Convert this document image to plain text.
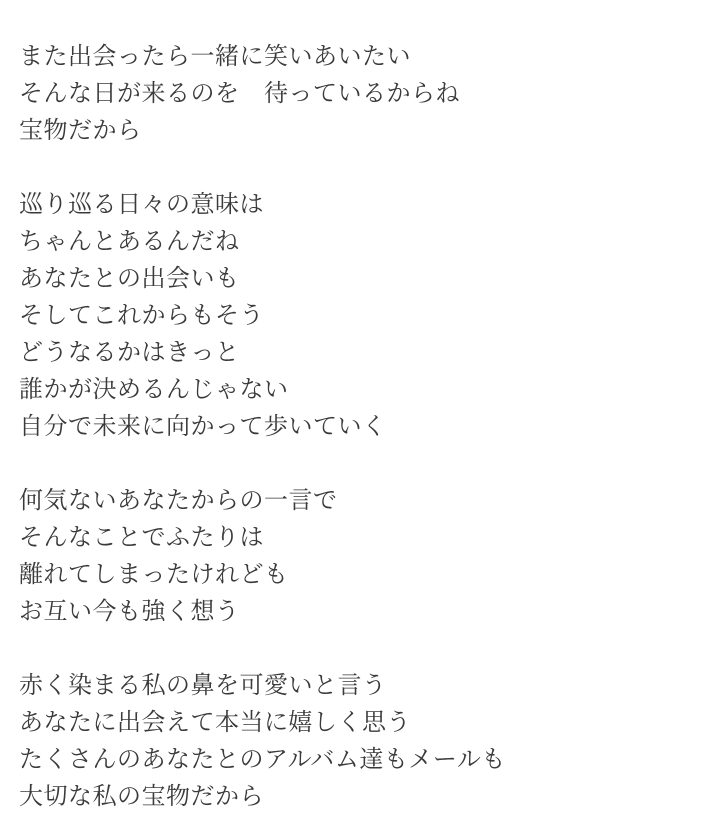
また出会ったら一緒に笑いあいたい
そんな日が来るのを　待っているからね
宝物だから
巡り巡る日々の意味は
ちゃんとあるんだね
あなたとの出会いも
そしてこれからもそう
どうなるかはきっと
誰かが決めるんじゃない
自分で未来に向かって歩いていく
何気ないあなたからの一言で
そんなことでふたりは
離れてしまったけれども
お互い今も強く想う
赤く染まる私の鼻を可愛いと言う
あなたに出会えて本当に嬉しく思う
たくさんのあなたとのアルバム達もメールも
大切な私の宝物だから
